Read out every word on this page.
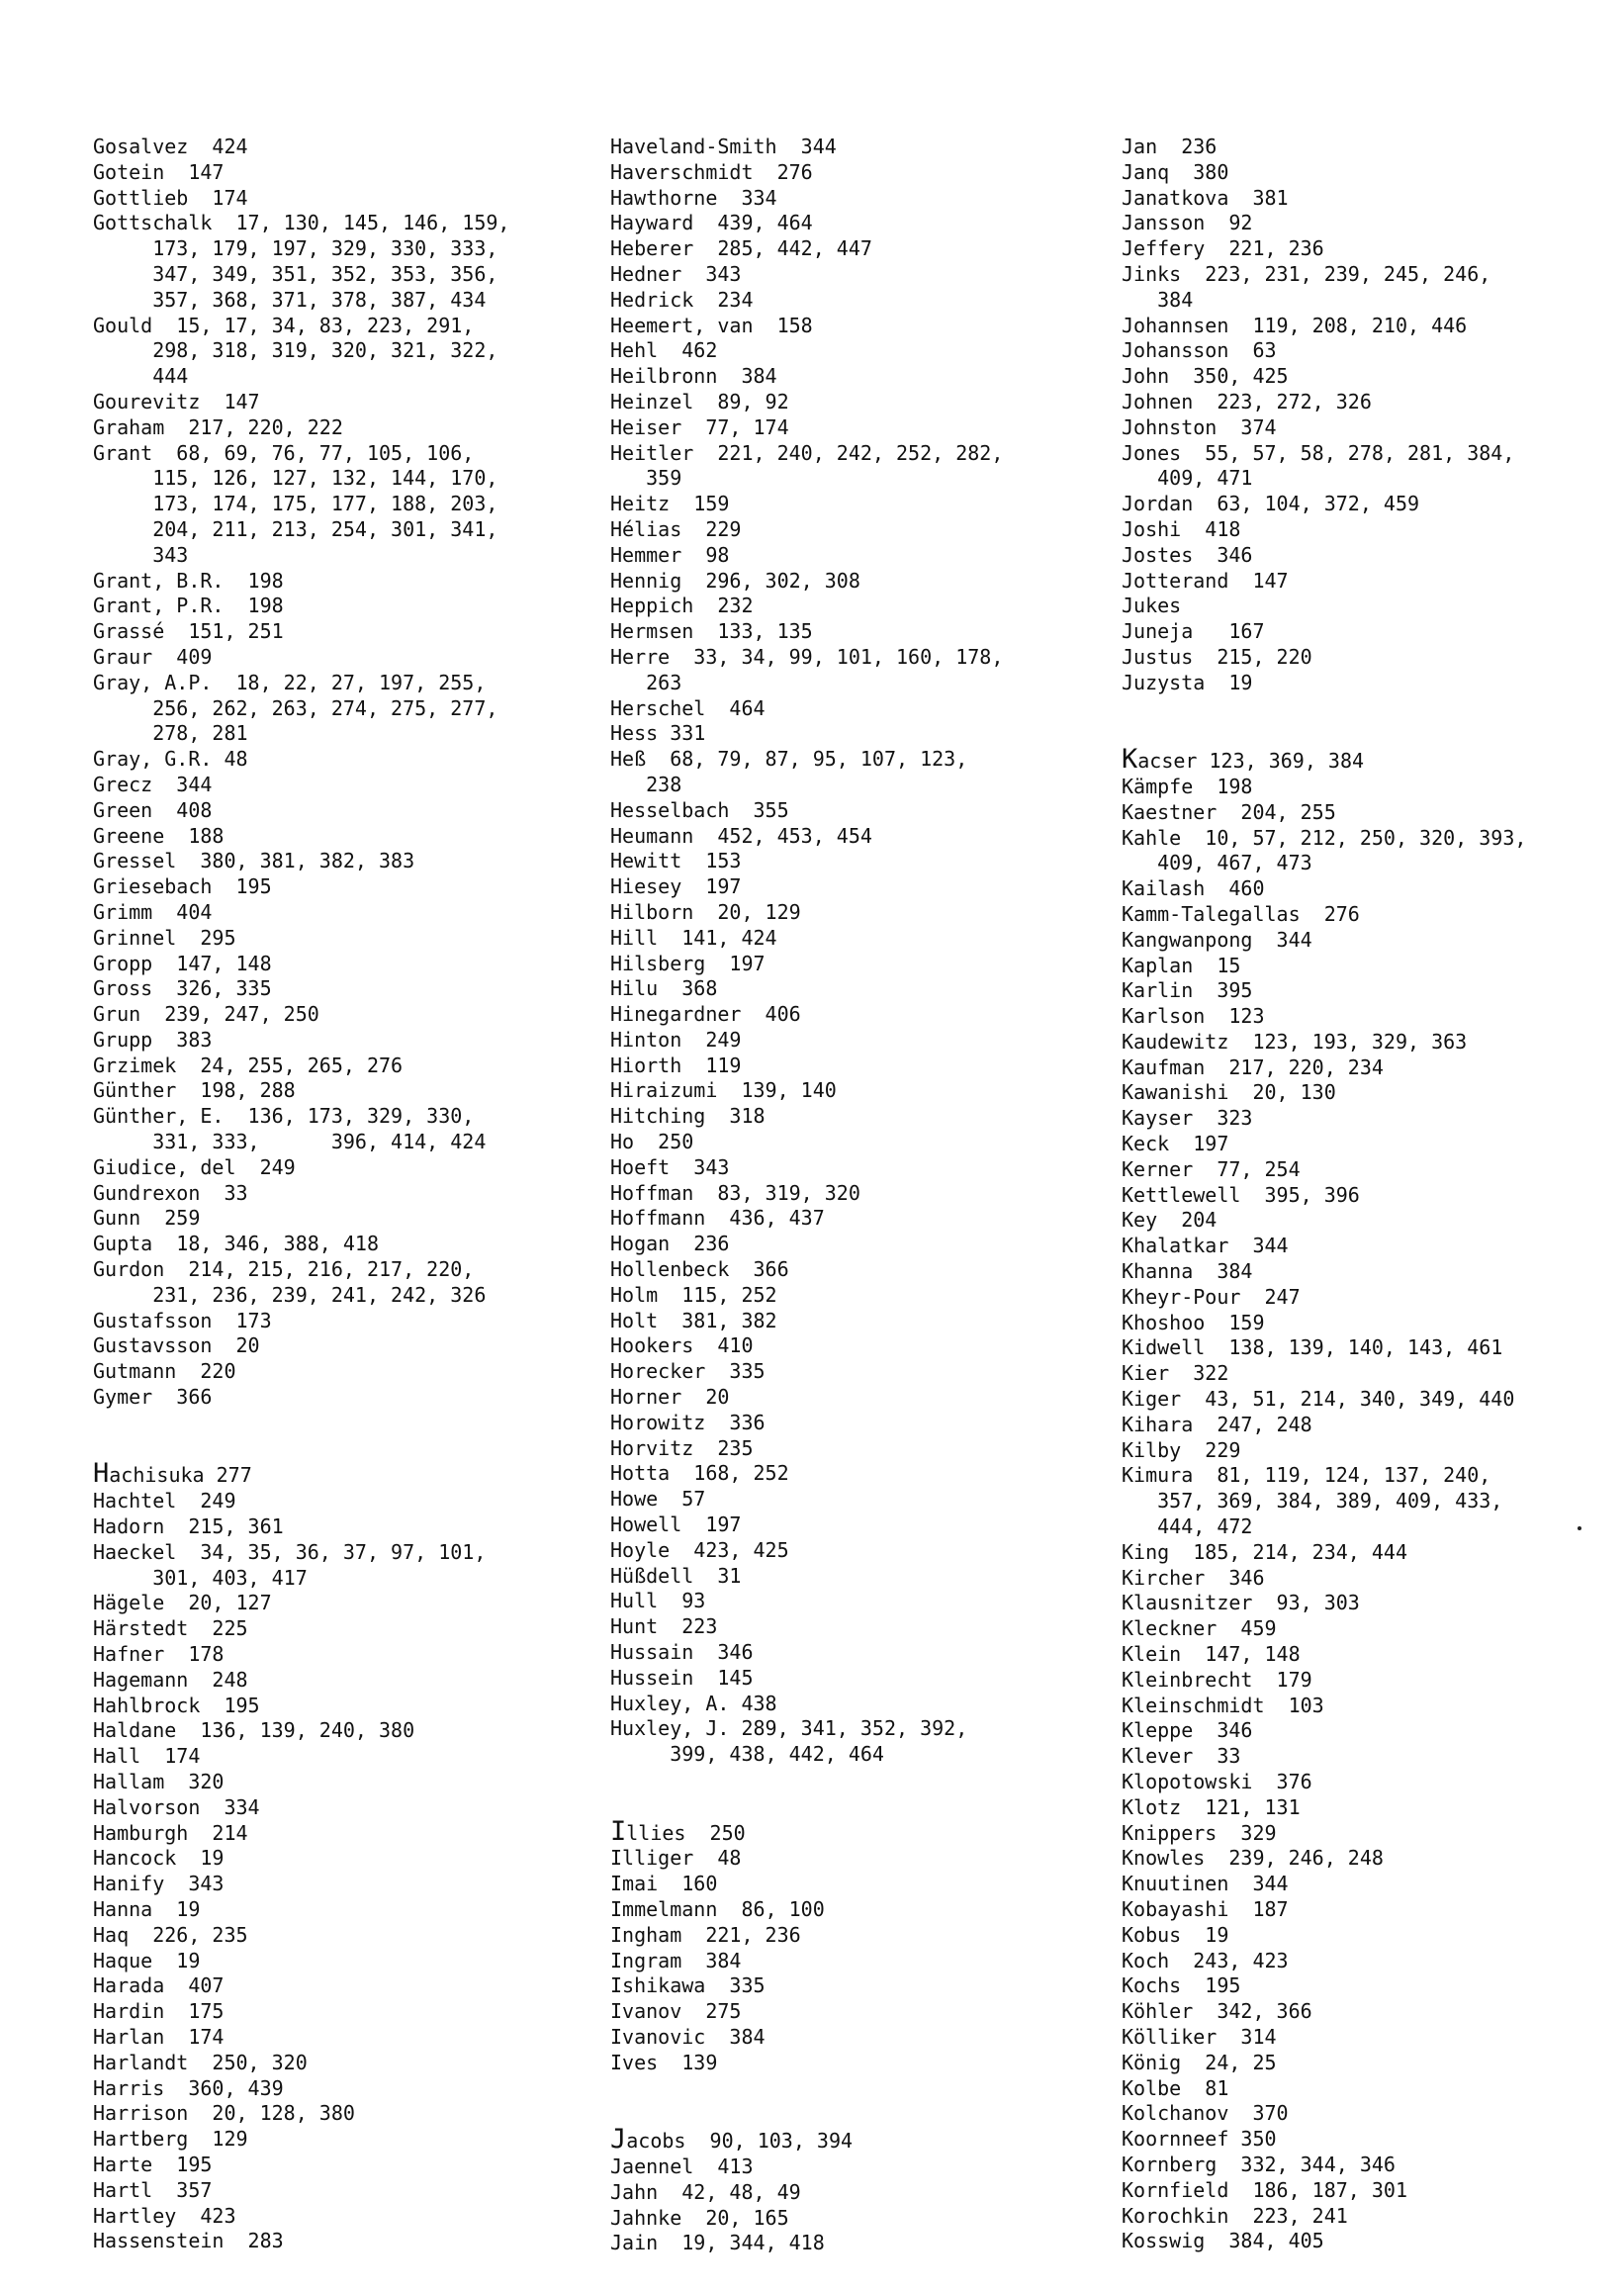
Gosalvez  424
Gotein  147
Gottlieb  174
Gottschalk  17, 130, 145, 146, 159,
173, 179, 197, 329, 330, 333,
347, 349, 351, 352, 353, 356,
357, 368, 371, 378, 387, 434
Gould  15, 17, 34, 83, 223, 291,
298, 318, 319, 320, 321, 322,
444
Gourevitz  147
Graham  217, 220, 222
Grant  68, 69, 76, 77, 105, 106,
115, 126, 127, 132, 144, 170,
173, 174, 175, 177, 188, 203,
204, 211, 213, 254, 301, 341,
343
Grant, B.R.  198
Grant, P.R.  198
Grassé  151, 251
Graur  409
Gray, A.P.  18, 22, 27, 197, 255,
256, 262, 263, 274, 275, 277,
278, 281
Gray, G.R. 48
Grecz  344
Green  408
Greene  188
Gressel  380, 381, 382, 383
Griesebach  195
Grimm  404
Grinnel  295
Gropp  147, 148
Gross  326, 335
Grun  239, 247, 250
Grupp  383
Grzimek  24, 255, 265, 276
Günther  198, 288
Günther, E.  136, 173, 329, 330,
331, 333,      396, 414, 424
Giudice, del  249
Gundrexon  33
Gunn  259
Gupta  18, 346, 388, 418
Gurdon  214, 215, 216, 217, 220,
231, 236, 239, 241, 242, 326
Gustafsson  173
Gustavsson  20
Gutmann  220
Gymer  366
Hachisuka 277
Hachtel  249
Hadorn  215, 361
Haeckel  34, 35, 36, 37, 97, 101,
301, 403, 417
Hägele  20, 127
Härstedt  225
Hafner  178
Hagemann  248
Hahlbrock  195
Haldane  136, 139, 240, 380
Hall  174
Hallam  320
Halvorson  334
Hamburgh  214
Hancock  19
Hanify  343
Hanna  19
Haq  226, 235
Haque  19
Harada  407
Hardin  175
Harlan  174
Harlandt  250, 320
Harris  360, 439
Harrison  20, 128, 380
Hartberg  129
Harte  195
Hartl  357
Hartley  423
Hassenstein  283
Haveland-Smith  344
Haverschmidt  276
Hawthorne  334
Hayward  439, 464
Heberer  285, 442, 447
Hedner  343
Hedrick  234
Heemert, van  158
Hehl  462
Heilbronn  384
Heinzel  89, 92
Heiser  77, 174
Heitler  221, 240, 242, 252, 282,
359
Heitz  159
Hélias  229
Hemmer  98
Hennig  296, 302, 308
Heppich  232
Hermsen  133, 135
Herre  33, 34, 99, 101, 160, 178,
263
Herschel  464
Hess 331
Heß  68, 79, 87, 95, 107, 123,
238
Hesselbach  355
Heumann  452, 453, 454
Hewitt  153
Hiesey  197
Hilborn  20, 129
Hill  141, 424
Hilsberg  197
Hilu  368
Hinegardner  406
Hinton  249
Hiorth  119
Hiraizumi  139, 140
Hitching  318
Ho  250
Hoeft  343
Hoffman  83, 319, 320
Hoffmann  436, 437
Hogan  236
Hollenbeck  366
Holm  115, 252
Holt  381, 382
Hookers  410
Horecker  335
Horner  20
Horowitz  336
Horvitz  235
Hotta  168, 252
Howe  57
Howell  197
Hoyle  423, 425
Hüßdell  31
Hull  93
Hunt  223
Hussain  346
Hussein  145
Huxley, A. 438
Huxley, J. 289, 341, 352, 392,
399, 438, 442, 464
Illies  250
Illiger  48
Imai  160
Immelmann  86, 100
Ingham  221, 236
Ingram  384
Ishikawa  335
Ivanov  275
Ivanovic  384
Ives  139
Jacobs  90, 103, 394
Jaennel  413
Jahn  42, 48, 49
Jahnke  20, 165
Jain  19, 344, 418
Jan  236
Janq  380
Janatkova  381
Jansson  92
Jeffery  221, 236
Jinks  223, 231, 239, 245, 246,
384
Johannsen  119, 208, 210, 446
Johansson  63
John  350, 425
Johnen  223, 272, 326
Johnston  374
Jones  55, 57, 58, 278, 281, 384,
409, 471
Jordan  63, 104, 372, 459
Joshi  418
Jostes  346
Jotterand  147
Jukes
Juneja   167
Justus  215, 220
Juzysta  19
Kacser 123, 369, 384
Kämpfe  198
Kaestner  204, 255
Kahle  10, 57, 212, 250, 320, 393,
409, 467, 473
Kailash  460
Kamm-Talegallas  276
Kangwanpong  344
Kaplan  15
Karlin  395
Karlson  123
Kaudewitz  123, 193, 329, 363
Kaufman  217, 220, 234
Kawanishi  20, 130
Kayser  323
Keck  197
Kerner  77, 254
Kettlewell  395, 396
Key  204
Khalatkar  344
Khanna  384
Kheyr-Pour  247
Khoshoo  159
Kidwell  138, 139, 140, 143, 461
Kier  322
Kiger  43, 51, 214, 340, 349, 440
Kihara  247, 248
Kilby  229
Kimura  81, 119, 124, 137, 240,
357, 369, 384, 389, 409, 433,
444, 472
King  185, 214, 234, 444
Kircher  346
Klausnitzer  93, 303
Kleckner  459
Klein  147, 148
Kleinbrecht  179
Kleinschmidt  103
Kleppe  346
Klever  33
Klopotowski  376
Klotz  121, 131
Knippers  329
Knowles  239, 246, 248
Knuutinen  344
Kobayashi  187
Kobus  19
Koch  243, 423
Kochs  195
Köhler  342, 366
Kölliker  314
König  24, 25
Kolbe  81
Kolchanov  370
Koornneef 350
Kornberg  332, 344, 346
Kornfield  186, 187, 301
Korochkin  223, 241
Kosswig  384, 405
